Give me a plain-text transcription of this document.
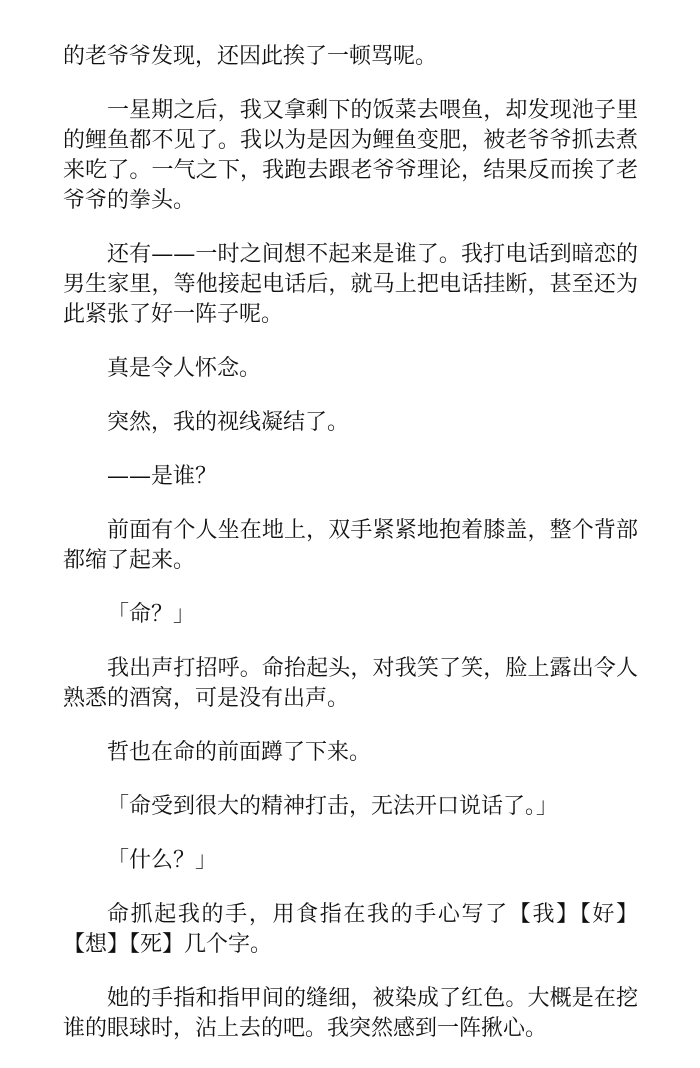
的老爷爷发现，还因此挨了一顿骂呢。

一星期之后，我又拿剩下的饭菜去喂鱼，却发现池子里的鲤鱼都不见了。我以为是因为鲤鱼变肥，被老爷爷抓去煮来吃了。一气之下，我跑去跟老爷爷理论，结果反而挨了老爷爷的拳头。

还有——一时之间想不起来是谁了。我打电话到暗恋的男生家里，等他接起电话后，就马上把电话挂断，甚至还为此紧张了好一阵子呢。

真是令人怀念。

突然，我的视线凝结了。

——是谁？

前面有个人坐在地上，双手紧紧地抱着膝盖，整个背部都缩了起来。

「命？」

我出声打招呼。命抬起头，对我笑了笑，脸上露出令人熟悉的酒窝，可是没有出声。

哲也在命的前面蹲了下来。

「命受到很大的精神打击，无法开口说话了。」

「什么？」

命抓起我的手，用食指在我的手心写了【我】【好】【想】【死】几个字。

她的手指和指甲间的缝细，被染成了红色。大概是在挖谁的眼球时，沾上去的吧。我突然感到一阵揪心。
